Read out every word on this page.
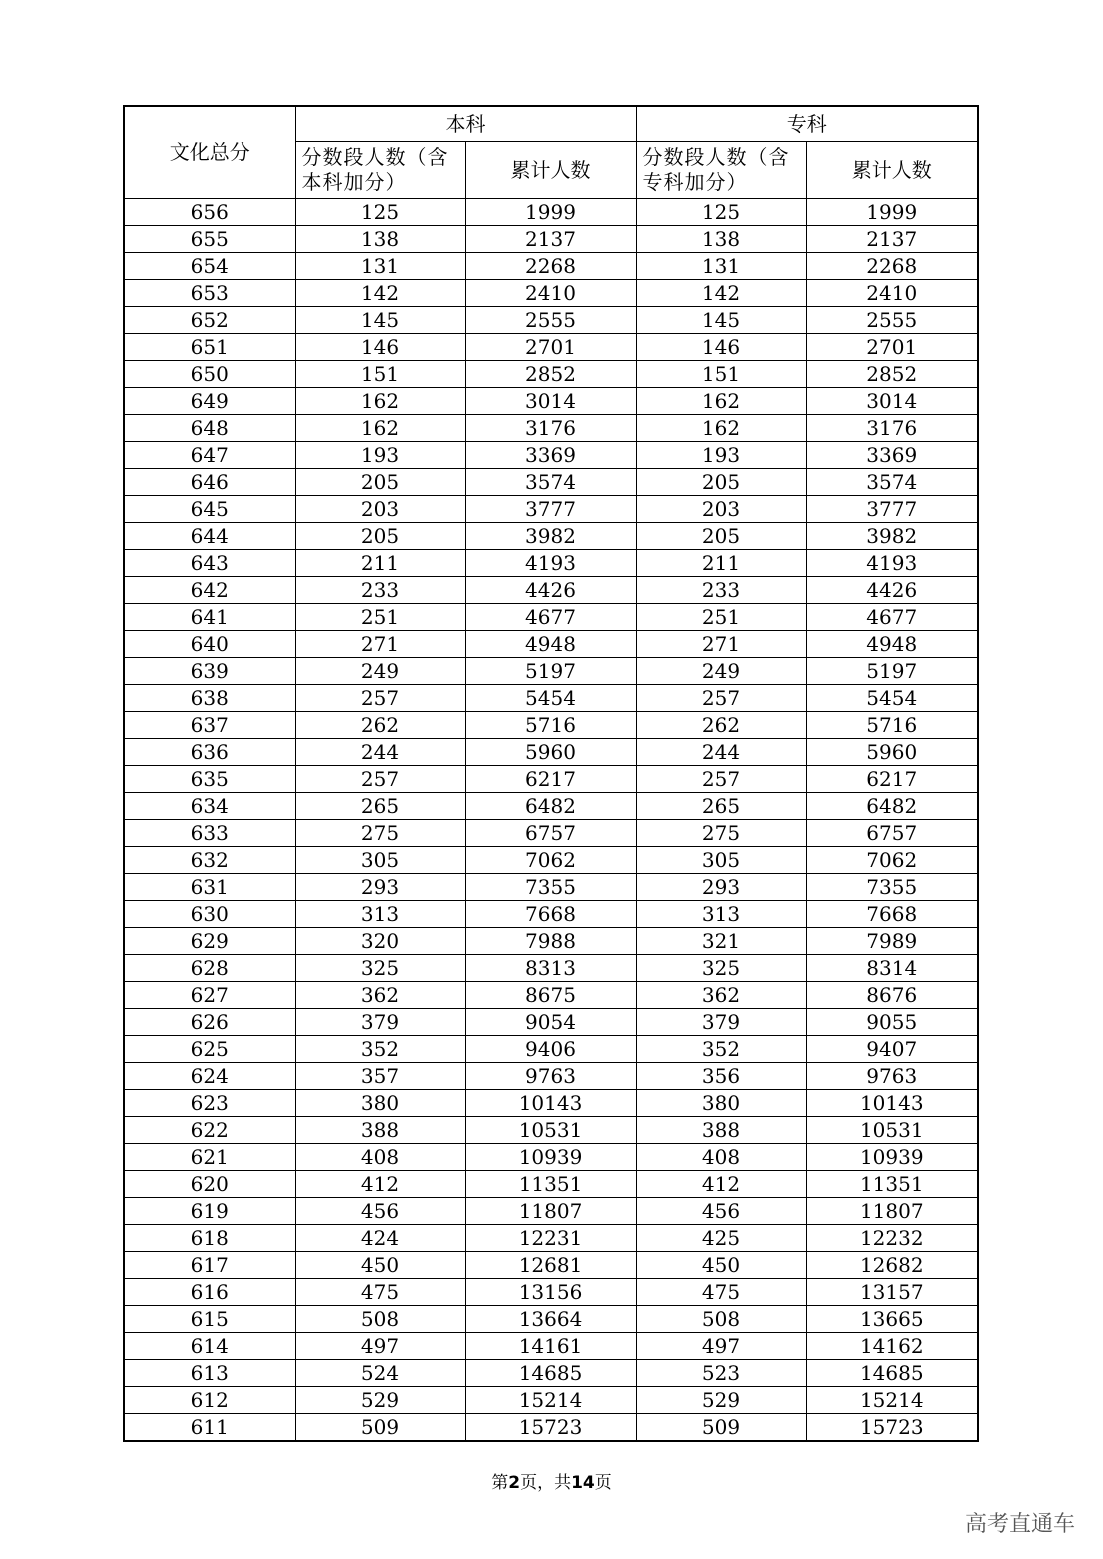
文化总分	本科		专科	

	分数段人数（含本科加分）	累计人数	分数段人数（含专科加分）	累计人数
656	125	1999	125	1999
655	138	2137	138	2137
654	131	2268	131	2268
653	142	2410	142	2410
652	145	2555	145	2555
651	146	2701	146	2701
650	151	2852	151	2852
649	162	3014	162	3014
648	162	3176	162	3176
647	193	3369	193	3369
646	205	3574	205	3574
645	203	3777	203	3777
644	205	3982	205	3982
643	211	4193	211	4193
642	233	4426	233	4426
641	251	4677	251	4677
640	271	4948	271	4948
639	249	5197	249	5197
638	257	5454	257	5454
637	262	5716	262	5716
636	244	5960	244	5960
635	257	6217	257	6217
634	265	6482	265	6482
633	275	6757	275	6757
632	305	7062	305	7062
631	293	7355	293	7355
630	313	7668	313	7668
629	320	7988	321	7989
628	325	8313	325	8314
627	362	8675	362	8676
626	379	9054	379	9055
625	352	9406	352	9407
624	357	9763	356	9763
623	380	10143	380	10143
622	388	10531	388	10531
621	408	10939	408	10939
620	412	11351	412	11351
619	456	11807	456	11807
618	424	12231	425	12232
617	450	12681	450	12682
616	475	13156	475	13157
615	508	13664	508	13665
614	497	14161	497	14162
613	524	14685	523	14685
612	529	15214	529	15214
611	509	15723	509	15723
第2页，共14页
高考直通车
